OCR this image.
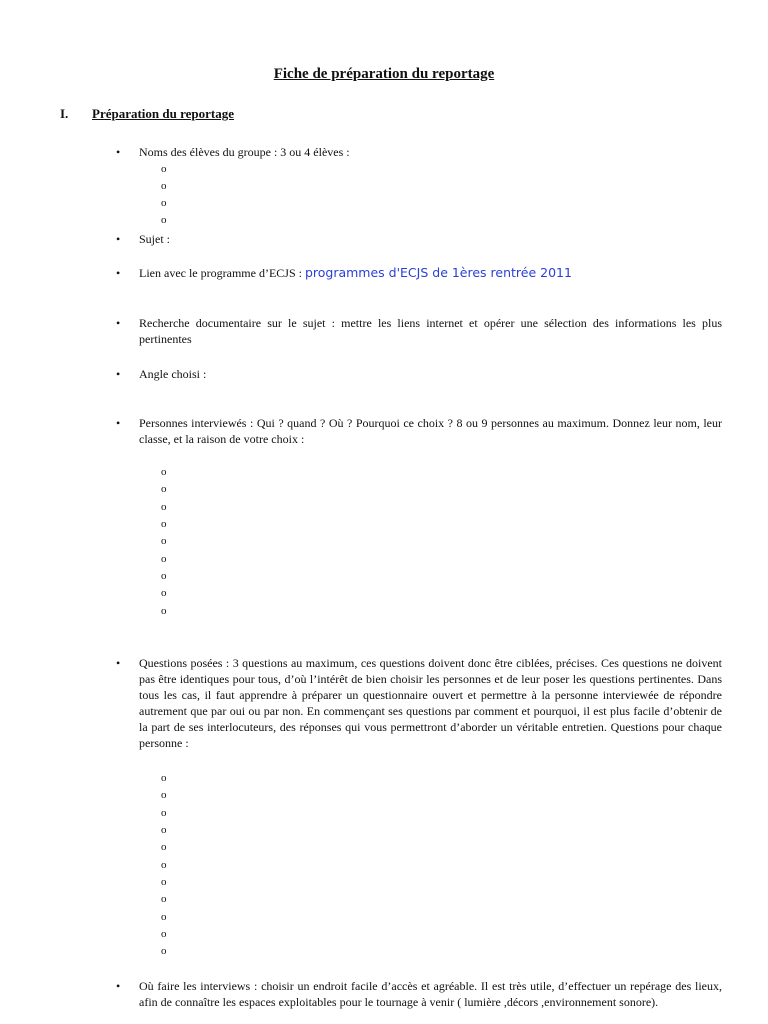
Fiche de préparation du reportage
I. Préparation du reportage
• Noms des élèves du groupe : 3 ou 4 élèves :
o
o
o
o
• Sujet :
• Lien avec le programme d’ECJS : programmes d'ECJS de 1ères rentrée 2011
• Recherche documentaire sur le sujet : mettre les liens internet et opérer une sélection des informations les plus pertinentes
• Angle choisi :
• Personnes interviewés : Qui ? quand ? Où ? Pourquoi ce choix ? 8 ou 9 personnes au maximum. Donnez leur nom, leur classe, et la raison de votre choix :
o
o
o
o
o
o
o
o
o
• Questions posées : 3 questions au maximum, ces questions doivent donc être ciblées, précises. Ces questions ne doivent pas être identiques pour tous, d’où l’intérêt de bien choisir les personnes et de leur poser les questions pertinentes. Dans tous les cas, il faut apprendre à préparer un questionnaire ouvert et permettre à la personne interviewée de répondre autrement que par oui ou par non. En commençant ses questions par comment et pourquoi, il est plus facile d’obtenir de la part de ses interlocuteurs, des réponses qui vous permettront d’aborder un véritable entretien. Questions pour chaque personne :
o
o
o
o
o
o
o
o
o
o
o
• Où faire les interviews : choisir un endroit facile d’accès et agréable. Il est très utile, d’effectuer un repérage des lieux, afin de connaître les espaces exploitables pour le tournage à venir ( lumière ,décors ,environnement sonore).
